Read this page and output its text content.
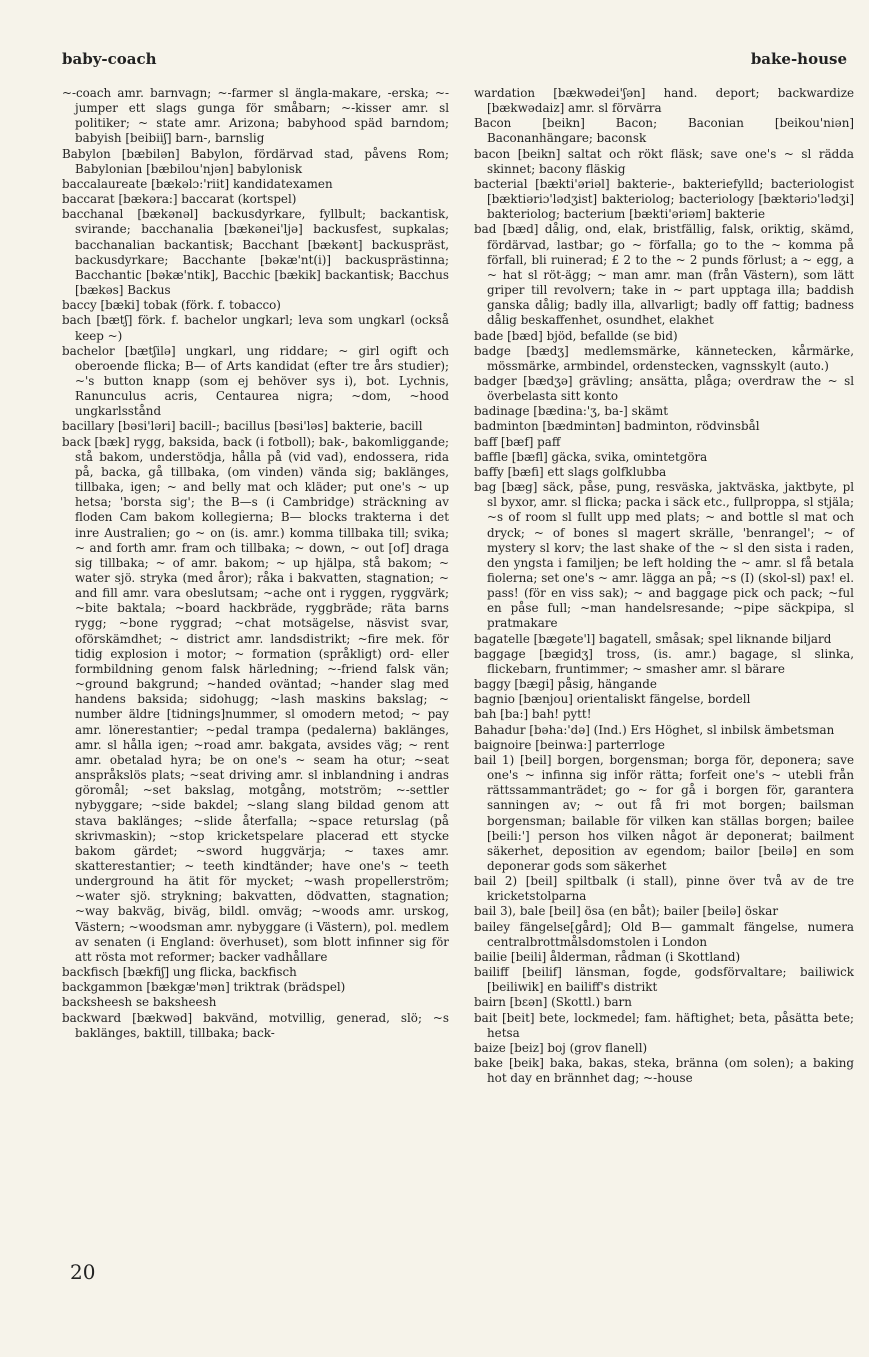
baby-coach	bake-house

~-coach amr. barnvagn; ~-farmer sl ängla-makare, -erska; ~-jumper ett slags gunga för småbarn; ~-kisser amr. sl politiker; ~ state amr. Arizona; babyhood späd barndom; babyish [beibiiʃ] barn-, barnslig

Babylon [bæbilən] Babylon, fördärvad stad, påvens Rom; Babylonian [bæbilou'njən] babylonisk

baccalaureate [bækəlɔ:'riit] kandidatexamen

baccarat [bækəra:] baccarat (kortspel)

bacchanal [bækənəl] backusdyrkare, fyllbult; backantisk, svirande; bacchanalia [bækənei'ljə] backusfest, supkalas; bacchanalian backantisk; Bacchant [bækənt] backuspräst, backusdyrkare; Bacchante [bəkæ'nt(i)] backusprästinna; Bacchantic [bəkæ'ntik], Bacchic [bækik] backantisk; Bacchus [bækəs] Backus

baccy [bæki] tobak (förk. f. tobacco)

bach [bætʃ] förk. f. bachelor ungkarl; leva som ungkarl (också keep ~)

bachelor [bætʃilə] ungkarl, ung riddare; ~ girl ogift och oberoende flicka; B— of Arts kandidat (efter tre års studier); ~'s button knapp (som ej behöver sys i), bot. Lychnis, Ranunculus acris, Centaurea nigra; ~dom, ~hood ungkarlsstånd

bacillary [bəsi'ləri] bacill-; bacillus [bəsi'ləs] bakterie, bacill

back [bæk] rygg, baksida, back (i fotboll); bak-, bakomliggande; stå bakom, understödja, hålla på (vid vad), endossera, rida på, backa, gå tillbaka, (om vinden) vända sig; baklänges, tillbaka, igen; ~ and belly mat och kläder; put one's ~ up hetsa; 'borsta sig'; the B—s (i Cambridge) sträckning av floden Cam bakom kollegierna; B— blocks trakterna i det inre Australien; go ~ on (is. amr.) komma tillbaka till; svika; ~ and forth amr. fram och tillbaka; ~ down, ~ out [of] draga sig tillbaka; ~ of amr. bakom; ~ up hjälpa, stå bakom; ~ water sjö. stryka (med åror); råka i bakvatten, stagnation; ~ and fill amr. vara obeslutsam; ~ache ont i ryggen, ryggvärk; ~bite baktala; ~board hackbräde, ryggbräde; räta barns rygg; ~bone ryggrad; ~chat motsägelse, näsvist svar, oförskämdhet; ~ district amr. landsdistrikt; ~fire mek. för tidig explosion i motor; ~ formation (språkligt) ord- eller formbildning genom falsk härledning; ~-friend falsk vän; ~ground bakgrund; ~handed oväntad; ~hander slag med handens baksida; sidohugg; ~lash maskins bakslag; ~ number äldre [tidnings]nummer, sl omodern metod; ~ pay amr. lönerestantier; ~pedal trampa (pedalerna) baklänges, amr. sl hålla igen; ~road amr. bakgata, avsides väg; ~ rent amr. obetalad hyra; be on one's ~ seam ha otur; ~seat anspråkslös plats; ~seat driving amr. sl inblandning i andras göromål; ~set bakslag, motgång, motström; ~-settler nybyggare; ~side bakdel; ~slang slang bildad genom att stava baklänges; ~slide återfalla; ~space returslag (på skrivmaskin); ~stop kricketspelare placerad ett stycke bakom gärdet; ~sword huggvärja; ~ taxes amr. skatterestantier; ~ teeth kindtänder; have one's ~ teeth underground ha ätit för mycket; ~wash propellerström; ~water sjö. strykning; bakvatten, dödvatten, stagnation; ~way bakväg, biväg, bildl. omväg; ~woods amr. urskog, Västern; ~woodsman amr. nybyggare (i Västern), pol. medlem av senaten (i England: överhuset), som blott infinner sig för att rösta mot reformer; backer vadhållare

backfisch [bækfiʃ] ung flicka, backfisch

backgammon [bækgæ'mən] triktrak (brädspel)

backsheesh se baksheesh

backward [bækwəd] bakvänd, motvillig, generad, slö; ~s baklänges, baktill, tillbaka; back-

wardation [bækwədei'ʃən] hand. deport; backwardize [bækwədaiz] amr. sl förvärra

Bacon [beikn] Bacon; Baconian [beikou'niən] Baconanhängare; baconsk

bacon [beikn] saltat och rökt fläsk; save one's ~ sl rädda skinnet; bacony fläskig

bacterial [bækti'əriəl] bakterie-, bakteriefylld; bacteriologist [bæktiəriɔ'lədʒist] bakteriolog; bacteriology [bæktəriɔ'lədʒi] bakteriolog; bacterium [bækti'əriəm] bakterie

bad [bæd] dålig, ond, elak, bristfällig, falsk, oriktig, skämd, fördärvad, lastbar; go ~ förfalla; go to the ~ komma på förfall, bli ruinerad; £ 2 to the ~ 2 punds förlust; a ~ egg, a ~ hat sl röt-ägg; ~ man amr. man (från Västern), som lätt griper till revolvern; take in ~ part upptaga illa; baddish ganska dålig; badly illa, allvarligt; badly off fattig; badness dålig beskaffenhet, osundhet, elakhet

bade [bæd] bjöd, befallde (se bid)

badge [bædʒ] medlemsmärke, kännetecken, kårmärke, mössmärke, armbindel, ordenstecken, vagnsskylt (auto.)

badger [bædʒə] grävling; ansätta, plåga; overdraw the ~ sl överbelasta sitt konto

badinage [bædina:'ʒ, ba-] skämt

badminton [bædmintən] badminton, rödvinsbål

baff [bæf] paff

baffle [bæfl] gäcka, svika, omintetgöra

baffy [bæfi] ett slags golfklubba

bag [bæg] säck, påse, pung, resväska, jaktväska, jaktbyte, pl sl byxor, amr. sl flicka; packa i säck etc., fullproppa, sl stjäla; ~s of room sl fullt upp med plats; ~ and bottle sl mat och dryck; ~ of bones sl magert skrälle, 'benrangel'; ~ of mystery sl korv; the last shake of the ~ sl den sista i raden, den yngsta i familjen; be left holding the ~ amr. sl få betala fiolerna; set one's ~ amr. lägga an på; ~s (I) (skol-sl) pax! el. pass! (för en viss sak); ~ and baggage pick och pack; ~ful en påse full; ~man handelsresande; ~pipe säckpipa, sl pratmakare

bagatelle [bægəte'l] bagatell, småsak; spel liknande biljard

baggage [bægidʒ] tross, (is. amr.) bagage, sl slinka, flickebarn, fruntimmer; ~ smasher amr. sl bärare

baggy [bægi] påsig, hängande

bagnio [bænjou] orientaliskt fängelse, bordell

bah [ba:] bah! pytt!

Bahadur [bəha:'də] (Ind.) Ers Höghet, sl inbilsk ämbetsman

baignoire [beinwa:] parterrloge

bail 1) [beil] borgen, borgensman; borga för, deponera; save one's ~ infinna sig inför rätta; forfeit one's ~ utebli från rättssammanträdet; go ~ for gå i borgen för, garantera sanningen av; ~ out få fri mot borgen; bailsman borgensman; bailable för vilken kan ställas borgen; bailee [beili:'] person hos vilken något är deponerat; bailment säkerhet, deposition av egendom; bailor [beilə] en som deponerar gods som säkerhet

bail 2) [beil] spiltbalk (i stall), pinne över två av de tre kricketstolparna

bail 3), bale [beil] ösa (en båt); bailer [beilə] öskar

bailey fängelse[gård]; Old B— gammalt fängelse, numera centralbrottmålsdomstolen i London

bailie [beili] ålderman, rådman (i Skottland)

bailiff [beilif] länsman, fogde, godsförvaltare; bailiwick [beiliwik] en bailiff's distrikt

bairn [bɛən] (Skottl.) barn

bait [beit] bete, lockmedel; fam. häftighet; beta, påsätta bete; hetsa

baize [beiz] boj (grov flanell)

bake [beik] baka, bakas, steka, bränna (om solen); a baking hot day en brännhet dag; ~-house

20
